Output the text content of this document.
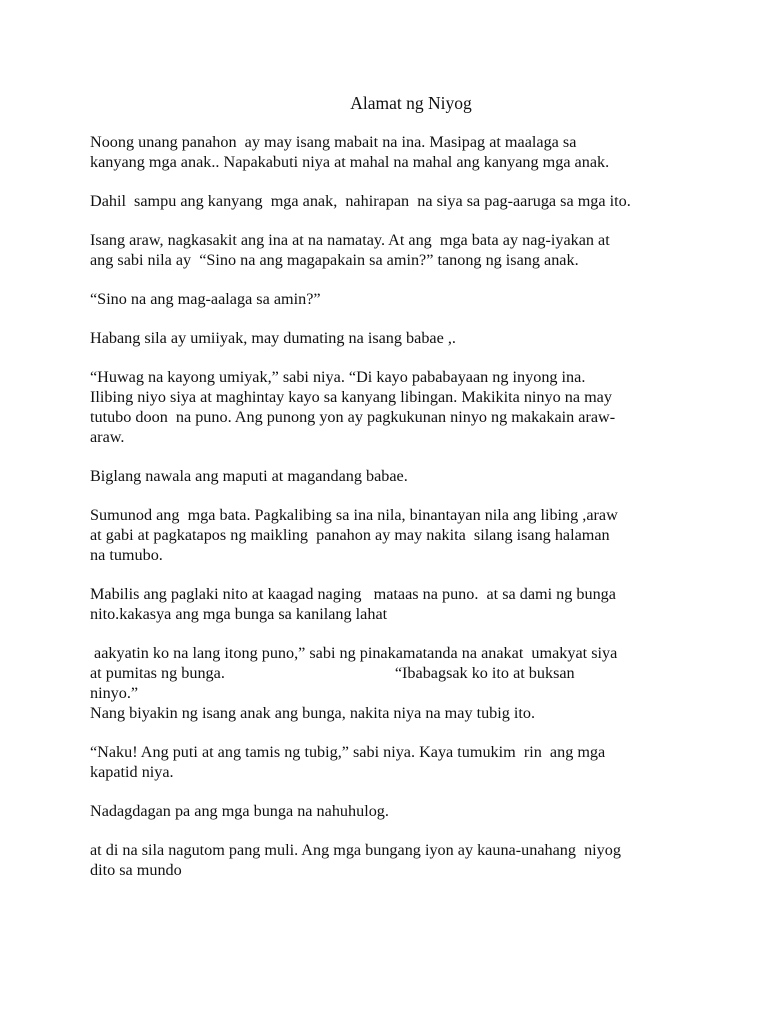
Alamat ng Niyog
Noong unang panahon  ay may isang mabait na ina. Masipag at maalaga sa
kanyang mga anak.. Napakabuti niya at mahal na mahal ang kanyang mga anak.
Dahil  sampu ang kanyang  mga anak,  nahirapan  na siya sa pag-aaruga sa mga ito.
Isang araw, nagkasakit ang ina at na namatay. At ang  mga bata ay nag-iyakan at
ang sabi nila ay  “Sino na ang magapakain sa amin?” tanong ng isang anak.
“Sino na ang mag-aalaga sa amin?”
Habang sila ay umiiyak, may dumating na isang babae ,.
“Huwag na kayong umiyak,” sabi niya. “Di kayo pababayaan ng inyong ina.
Ilibing niyo siya at maghintay kayo sa kanyang libingan. Makikita ninyo na may
tutubo doon  na puno. Ang punong yon ay pagkukunan ninyo ng makakain araw-
araw.
Biglang nawala ang maputi at magandang babae.
Sumunod ang  mga bata. Pagkalibing sa ina nila, binantayan nila ang libing ,araw
at gabi at pagkatapos ng maikling  panahon ay may nakita  silang isang halaman
na tumubo.
Mabilis ang paglaki nito at kaagad naging   mataas na puno.  at sa dami ng bunga
nito.kakasya ang mga bunga sa kanilang lahat
aakyatin ko na lang itong puno,” sabi ng pinakamatanda na anakat  umakyat siya
at pumitas ng bunga.                                          “Ibabagsak ko ito at buksan
ninyo.”
Nang biyakin ng isang anak ang bunga, nakita niya na may tubig ito.
“Naku! Ang puti at ang tamis ng tubig,” sabi niya. Kaya tumukim  rin  ang mga
kapatid niya.
Nadagdagan pa ang mga bunga na nahuhulog.
at di na sila nagutom pang muli. Ang mga bungang iyon ay kauna-unahang  niyog
dito sa mundo
